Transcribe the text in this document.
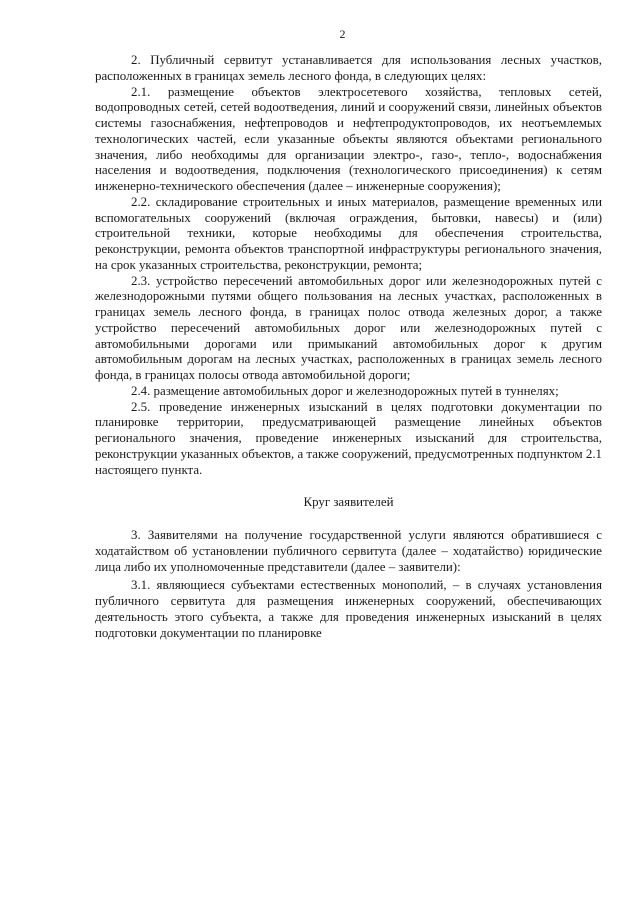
2

2. Публичный сервитут устанавливается для использования лесных участков, расположенных в границах земель лесного фонда, в следующих целях:

2.1. размещение объектов электросетевого хозяйства, тепловых сетей, водопроводных сетей, сетей водоотведения, линий и сооружений связи, линейных объектов системы газоснабжения, нефтепроводов и нефтепродуктопроводов, их неотъемлемых технологических частей, если указанные объекты являются объектами регионального значения, либо необходимы для организации электро-, газо-, тепло-, водоснабжения населения и водоотведения, подключения (технологического присоединения) к сетям инженерно-технического обеспечения (далее – инженерные сооружения);

2.2. складирование строительных и иных материалов, размещение временных или вспомогательных сооружений (включая ограждения, бытовки, навесы) и (или) строительной техники, которые необходимы для обеспечения строительства, реконструкции, ремонта объектов транспортной инфраструктуры регионального значения, на срок указанных строительства, реконструкции, ремонта;

2.3. устройство пересечений автомобильных дорог или железнодорожных путей с железнодорожными путями общего пользования на лесных участках, расположенных в границах земель лесного фонда, в границах полос отвода железных дорог, а также устройство пересечений автомобильных дорог или железнодорожных путей с автомобильными дорогами или примыканий автомобильных дорог к другим автомобильным дорогам на лесных участках, расположенных в границах земель лесного фонда, в границах полосы отвода автомобильной дороги;

2.4. размещение автомобильных дорог и железнодорожных путей в туннелях;

2.5. проведение инженерных изысканий в целях подготовки документации по планировке территории, предусматривающей размещение линейных объектов регионального значения, проведение инженерных изысканий для строительства, реконструкции указанных объектов, а также сооружений, предусмотренных подпунктом 2.1 настоящего пункта.

Круг заявителей

3. Заявителями на получение государственной услуги являются обратившиеся с ходатайством об установлении публичного сервитута (далее – ходатайство) юридические лица либо их уполномоченные представители (далее – заявители):

3.1. являющиеся субъектами естественных монополий, – в случаях установления публичного сервитута для размещения инженерных сооружений, обеспечивающих деятельность этого субъекта, а также для проведения инженерных изысканий в целях подготовки документации по планировке
